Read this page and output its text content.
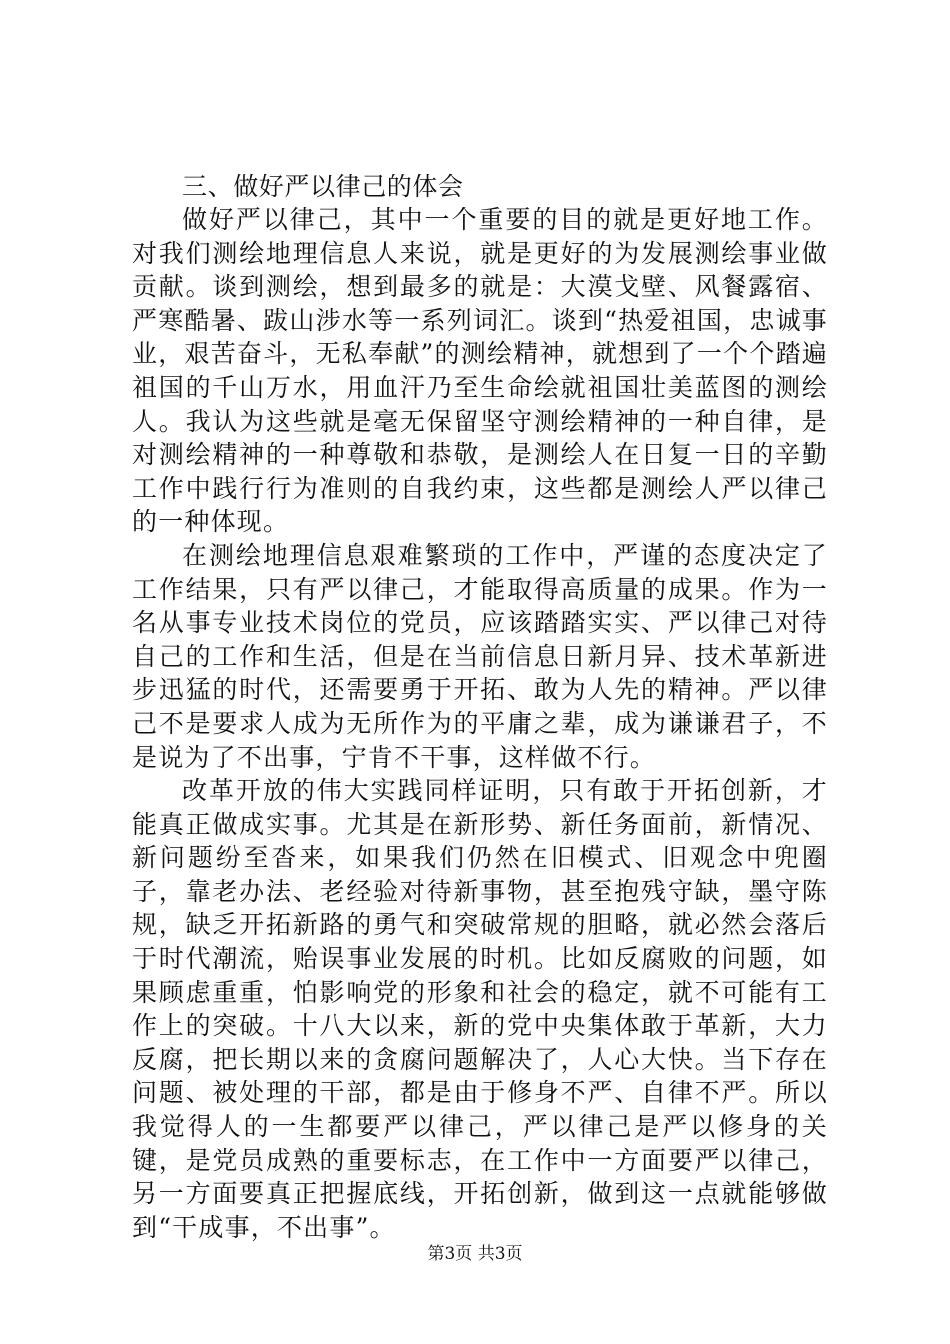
三、做好严以律己的体会

做好严以律己，其中一个重要的目的就是更好地工作。对我们测绘地理信息人来说，就是更好的为发展测绘事业做贡献。谈到测绘，想到最多的就是：大漠戈壁、风餐露宿、严寒酷暑、跋山涉水等一系列词汇。谈到“热爱祖国，忠诚事业，艰苦奋斗，无私奉献”的测绘精神，就想到了一个个踏遍祖国的千山万水，用血汗乃至生命绘就祖国壮美蓝图的测绘人。我认为这些就是毫无保留坚守测绘精神的一种自律，是对测绘精神的一种尊敬和恭敬，是测绘人在日复一日的辛勤工作中践行行为准则的自我约束，这些都是测绘人严以律己的一种体现。

在测绘地理信息艰难繁琐的工作中，严谨的态度决定了工作结果，只有严以律己，才能取得高质量的成果。作为一名从事专业技术岗位的党员，应该踏踏实实、严以律己对待自己的工作和生活，但是在当前信息日新月异、技术革新进步迅猛的时代，还需要勇于开拓、敢为人先的精神。严以律己不是要求人成为无所作为的平庸之辈，成为谦谦君子，不是说为了不出事，宁肯不干事，这样做不行。

改革开放的伟大实践同样证明，只有敢于开拓创新，才能真正做成实事。尤其是在新形势、新任务面前，新情况、新问题纷至沓来，如果我们仍然在旧模式、旧观念中兜圈子，靠老办法、老经验对待新事物，甚至抱残守缺，墨守陈规，缺乏开拓新路的勇气和突破常规的胆略，就必然会落后于时代潮流，贻误事业发展的时机。比如反腐败的问题，如果顾虑重重，怕影响党的形象和社会的稳定，就不可能有工作上的突破。十八大以来，新的党中央集体敢于革新，大力反腐，把长期以来的贪腐问题解决了，人心大快。当下存在问题、被处理的干部，都是由于修身不严、自律不严。所以我觉得人的一生都要严以律己，严以律己是严以修身的关键，是党员成熟的重要标志，在工作中一方面要严以律己，另一方面要真正把握底线，开拓创新，做到这一点就能够做到“干成事，不出事”。

第3页 共3页
